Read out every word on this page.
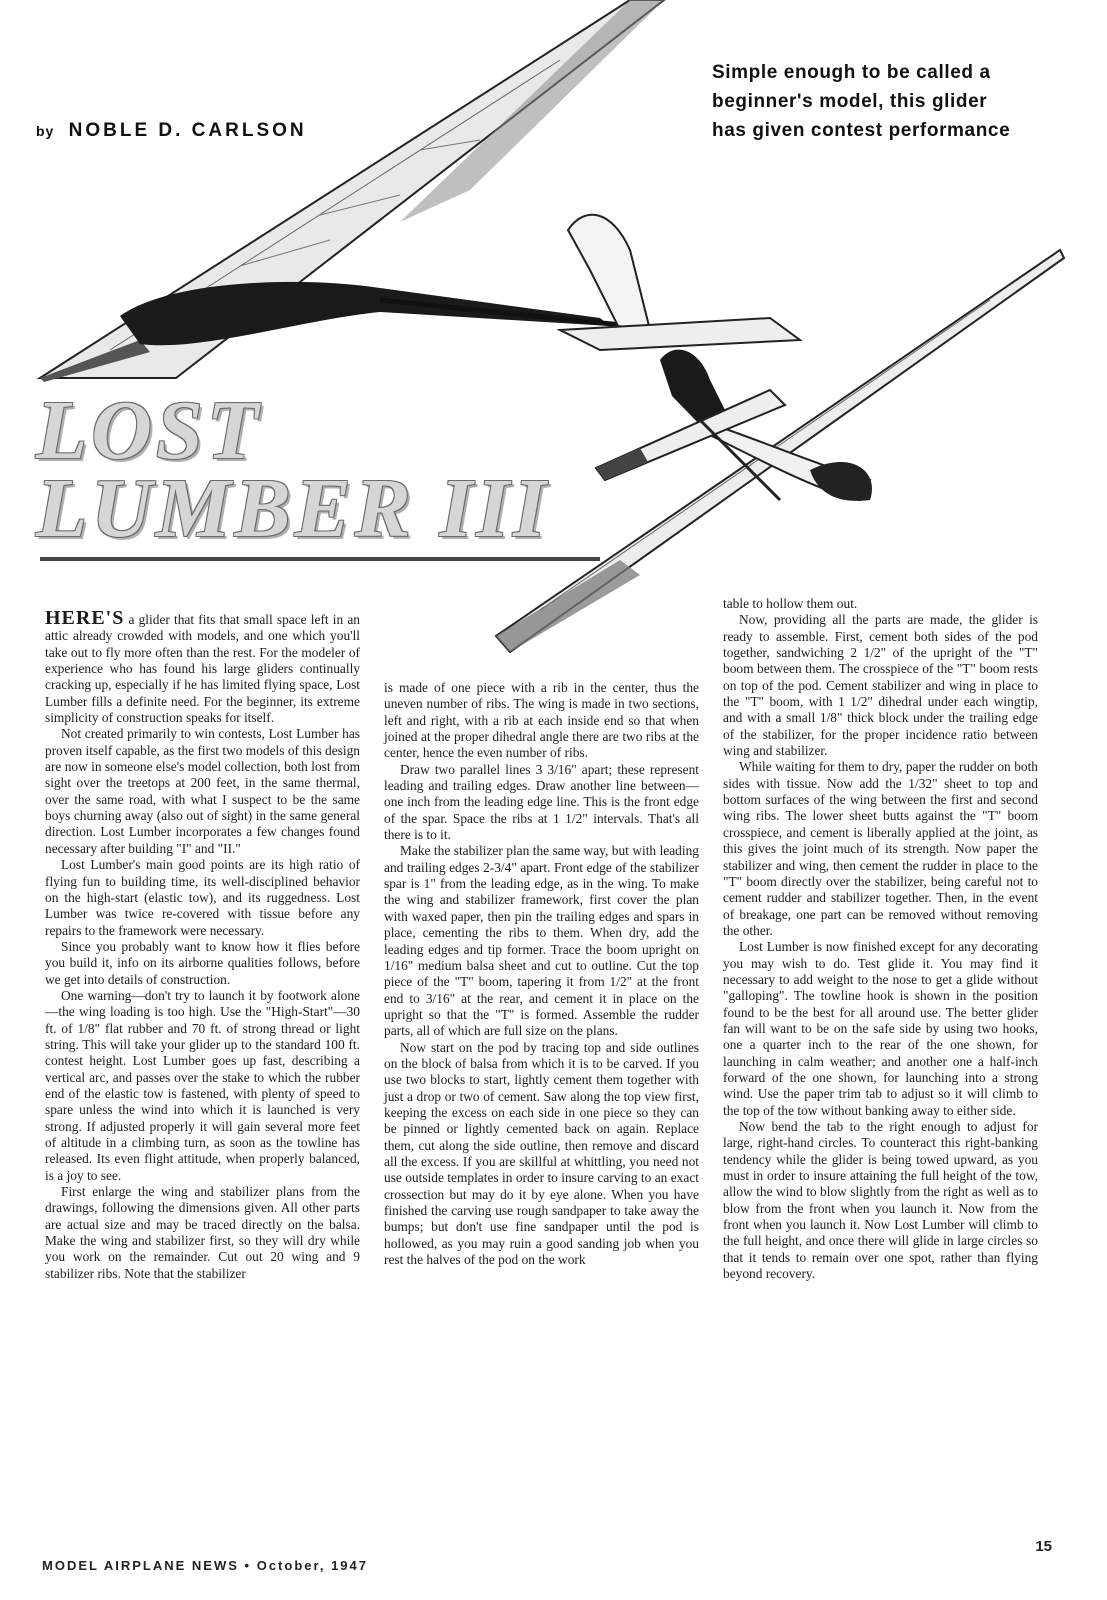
by NOBLE D. CARLSON
Simple enough to be called a
beginner's model, this glider
has given contest performance
LOST
LUMBER III

HERE'S a glider that fits that small space left in an attic already crowded with models, and one which you'll take out to fly more often than the rest. For the modeler of experience who has found his large gliders continually cracking up, especially if he has limited flying space, Lost Lumber fills a definite need. For the beginner, its extreme simplicity of construction speaks for itself.

Not created primarily to win contests, Lost Lumber has proven itself capable, as the first two models of this design are now in someone else's model collection, both lost from sight over the treetops at 200 feet, in the same thermal, over the same road, with what I suspect to be the same boys churning away (also out of sight) in the same general direction. Lost Lumber incorporates a few changes found necessary after building "I" and "II."

Lost Lumber's main good points are its high ratio of flying fun to building time, its well-disciplined behavior on the high-start (elastic tow), and its ruggedness. Lost Lumber was twice re-covered with tissue before any repairs to the framework were necessary.

Since you probably want to know how it flies before you build it, info on its airborne qualities follows, before we get into details of construction.

One warning—don't try to launch it by footwork alone—the wing loading is too high. Use the "High-Start"—30 ft. of 1/8" flat rubber and 70 ft. of strong thread or light string. This will take your glider up to the standard 100 ft. contest height. Lost Lumber goes up fast, describing a vertical arc, and passes over the stake to which the rubber end of the elastic tow is fastened, with plenty of speed to spare unless the wind into which it is launched is very strong. If adjusted properly it will gain several more feet of altitude in a climbing turn, as soon as the towline has released. Its even flight attitude, when properly balanced, is a joy to see.

First enlarge the wing and stabilizer plans from the drawings, following the dimensions given. All other parts are actual size and may be traced directly on the balsa. Make the wing and stabilizer first, so they will dry while you work on the remainder. Cut out 20 wing and 9 stabilizer ribs. Note that the stabilizer

is made of one piece with a rib in the center, thus the uneven number of ribs. The wing is made in two sections, left and right, with a rib at each inside end so that when joined at the proper dihedral angle there are two ribs at the center, hence the even number of ribs.

Draw two parallel lines 3 3/16" apart; these represent leading and trailing edges. Draw another line between—one inch from the leading edge line. This is the front edge of the spar. Space the ribs at 1 1/2" intervals. That's all there is to it.

Make the stabilizer plan the same way, but with leading and trailing edges 2-3/4" apart. Front edge of the stabilizer spar is 1" from the leading edge, as in the wing. To make the wing and stabilizer framework, first cover the plan with waxed paper, then pin the trailing edges and spars in place, cementing the ribs to them. When dry, add the leading edges and tip former. Trace the boom upright on 1/16" medium balsa sheet and cut to outline. Cut the top piece of the "T" boom, tapering it from 1/2" at the front end to 3/16" at the rear, and cement it in place on the upright so that the "T" is formed. Assemble the rudder parts, all of which are full size on the plans.

Now start on the pod by tracing top and side outlines on the block of balsa from which it is to be carved. If you use two blocks to start, lightly cement them together with just a drop or two of cement. Saw along the top view first, keeping the excess on each side in one piece so they can be pinned or lightly cemented back on again. Replace them, cut along the side outline, then remove and discard all the excess. If you are skillful at whittling, you need not use outside templates in order to insure carving to an exact crossection but may do it by eye alone. When you have finished the carving use rough sandpaper to take away the bumps; but don't use fine sandpaper until the pod is hollowed, as you may ruin a good sanding job when you rest the halves of the pod on the work

table to hollow them out.

Now, providing all the parts are made, the glider is ready to assemble. First, cement both sides of the pod together, sandwiching 2 1/2" of the upright of the "T" boom between them. The crosspiece of the "T" boom rests on top of the pod. Cement stabilizer and wing in place to the "T" boom, with 1 1/2" dihedral under each wingtip, and with a small 1/8" thick block under the trailing edge of the stabilizer, for the proper incidence ratio between wing and stabilizer.

While waiting for them to dry, paper the rudder on both sides with tissue. Now add the 1/32" sheet to top and bottom surfaces of the wing between the first and second wing ribs. The lower sheet butts against the "T" boom crosspiece, and cement is liberally applied at the joint, as this gives the joint much of its strength. Now paper the stabilizer and wing, then cement the rudder in place to the "T" boom directly over the stabilizer, being careful not to cement rudder and stabilizer together. Then, in the event of breakage, one part can be removed without removing the other.

Lost Lumber is now finished except for any decorating you may wish to do. Test glide it. You may find it necessary to add weight to the nose to get a glide without "galloping". The towline hook is shown in the position found to be the best for all around use. The better glider fan will want to be on the safe side by using two hooks, one a quarter inch to the rear of the one shown, for launching in calm weather; and another one a half-inch forward of the one shown, for launching into a strong wind. Use the paper trim tab to adjust so it will climb to the top of the tow without banking away to either side.

Now bend the tab to the right enough to adjust for large, right-hand circles. To counteract this right-banking tendency while the glider is being towed upward, as you must in order to insure attaining the full height of the tow, allow the wind to blow slightly from the right as well as to blow from the front when you launch it. Now from the front when you launch it. Now Lost Lumber will climb to the full height, and once there will glide in large circles so that it tends to remain over one spot, rather than flying beyond recovery.

MODEL AIRPLANE NEWS • October, 1947
15
